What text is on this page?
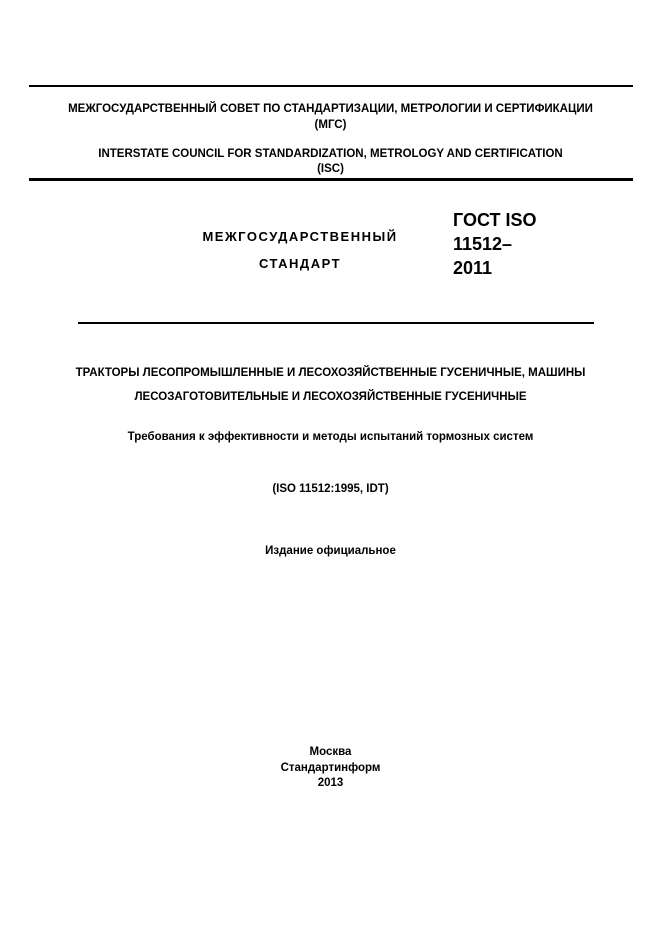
МЕЖГОСУДАРСТВЕННЫЙ СОВЕТ ПО СТАНДАРТИЗАЦИИ, МЕТРОЛОГИИ И СЕРТИФИКАЦИИ
(МГС)
INTERSTATE COUNCIL FOR STANDARDIZATION, METROLOGY AND CERTIFICATION
(ISC)
МЕЖГОСУДАРСТВЕННЫЙ
СТАНДАРТ
ГОСТ ISO
11512–
2011
ТРАКТОРЫ ЛЕСОПРОМЫШЛЕННЫЕ И ЛЕСОХОЗЯЙСТВЕННЫЕ ГУСЕНИЧНЫЕ, МАШИНЫ
ЛЕСОЗАГОТОВИТЕЛЬНЫЕ И ЛЕСОХОЗЯЙСТВЕННЫЕ ГУСЕНИЧНЫЕ
Требования к эффективности и методы испытаний тормозных систем
(ISO 11512:1995, IDT)
Издание официальное
Москва
Стандартинформ
2013
